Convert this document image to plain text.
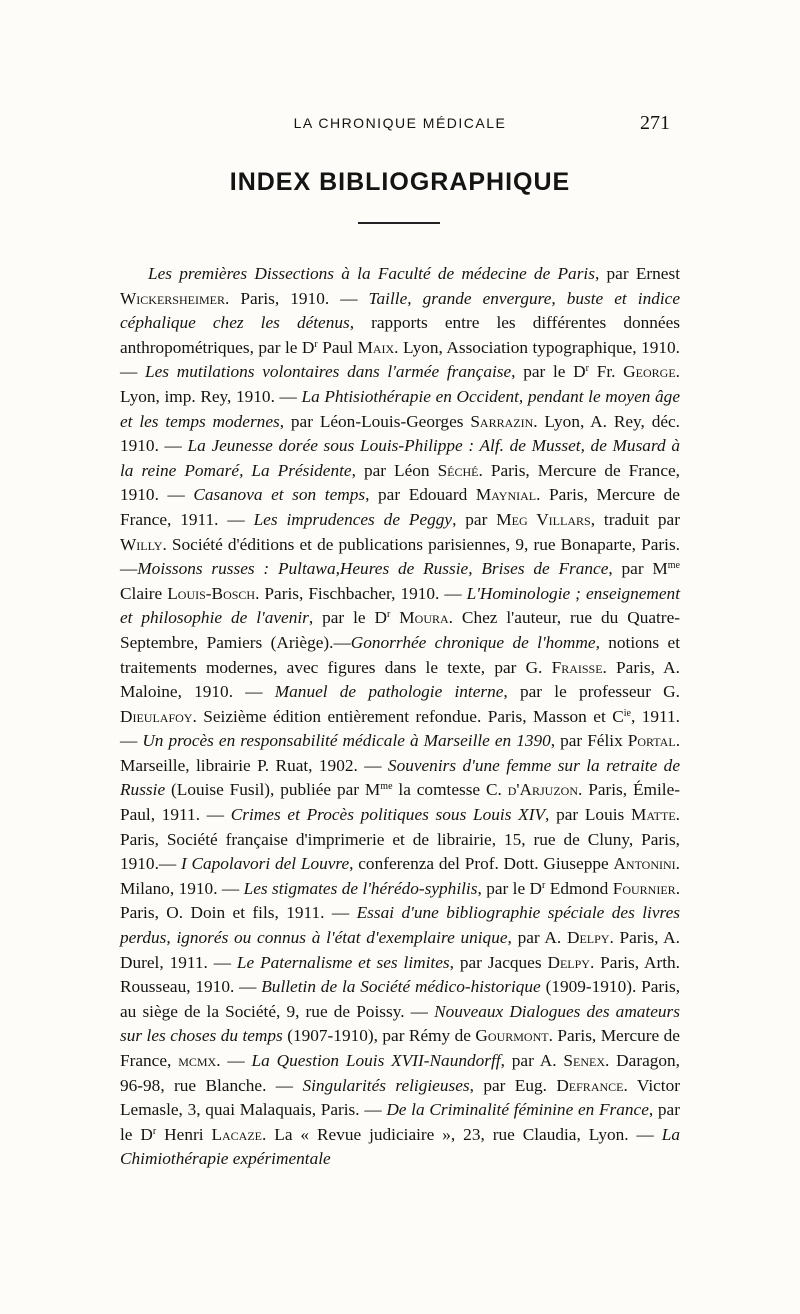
LA CHRONIQUE MÉDICALE	271
INDEX BIBLIOGRAPHIQUE

Les premières Dissections à la Faculté de médecine de Paris, par Ernest Wickersheimer. Paris, 1910. — Taille, grande envergure, buste et indice céphalique chez les détenus, rapports entre les différentes données anthropométriques, par le $D^r$ Paul Maix. Lyon, Association typographique, 1910. — Les mutilations volontaires dans l'armée française, par le $D^r$ Fr. George. Lyon, imp. Rey, 1910. — La Phtisiothérapie en Occident, pendant le moyen âge et les temps modernes, par Léon-Louis-Georges Sarrazin. Lyon, A. Rey, déc. 1910. — La Jeunesse dorée sous Louis-Philippe : Alf. de Musset, de Musard à la reine Pomaré, La Présidente, par Léon Séché. Paris, Mercure de France, 1910. — Casanova et son temps, par Edouard Maynial. Paris, Mercure de France, 1911. — Les imprudences de Peggy, par Meg Villars, traduit par Willy. Société d'éditions et de publications parisiennes, 9, rue Bonaparte, Paris.—Moissons russes : Pultawa,Heures de Russie, Brises de France, par $M^{me}$ Claire Louis-Bosch. Paris, Fischbacher, 1910. — L'Hominologie ; enseignement et philosophie de l'avenir, par le $D^r$ Moura. Chez l'auteur, rue du Quatre-Septembre, Pamiers (Ariège).—Gonorrhée chronique de l'homme, notions et traitements modernes, avec figures dans le texte, par G. Fraisse. Paris, A. Maloine, 1910. — Manuel de pathologie interne, par le professeur G. Dieulafoy. Seizième édition entièrement refondue. Paris, Masson et $C^{ie}$, 1911. — Un procès en responsabilité médicale à Marseille en 1390, par Félix Portal. Marseille, librairie P. Ruat, 1902. — Souvenirs d'une femme sur la retraite de Russie (Louise Fusil), publiée par $M^{me}$ la comtesse C. d'Arjuzon. Paris, Émile-Paul, 1911. — Crimes et Procès politiques sous Louis XIV, par Louis Matte. Paris, Société française d'imprimerie et de librairie, 15, rue de Cluny, Paris, 1910.— I Capolavori del Louvre, conferenza del Prof. Dott. Giuseppe Antonini. Milano, 1910. — Les stigmates de l'hérédo-syphilis, par le $D^r$ Edmond Fournier. Paris, O. Doin et fils, 1911. — Essai d'une bibliographie spéciale des livres perdus, ignorés ou connus à l'état d'exemplaire unique, par A. Delpy. Paris, A. Durel, 1911. — Le Paternalisme et ses limites, par Jacques Delpy. Paris, Arth. Rousseau, 1910. — Bulletin de la Société médico-historique (1909-1910). Paris, au siège de la Société, 9, rue de Poissy. — Nouveaux Dialogues des amateurs sur les choses du temps (1907-1910), par Rémy de Gourmont. Paris, Mercure de France, mcmx. — La Question Louis XVII-Naundorff, par A. Senex. Daragon, 96-98, rue Blanche. — Singularités religieuses, par Eug. Defrance. Victor Lemasle, 3, quai Malaquais, Paris. — De la Criminalité féminine en France, par le $D^r$ Henri Lacaze. La « Revue judiciaire », 23, rue Claudia, Lyon. — La Chimiothérapie expérimentale
